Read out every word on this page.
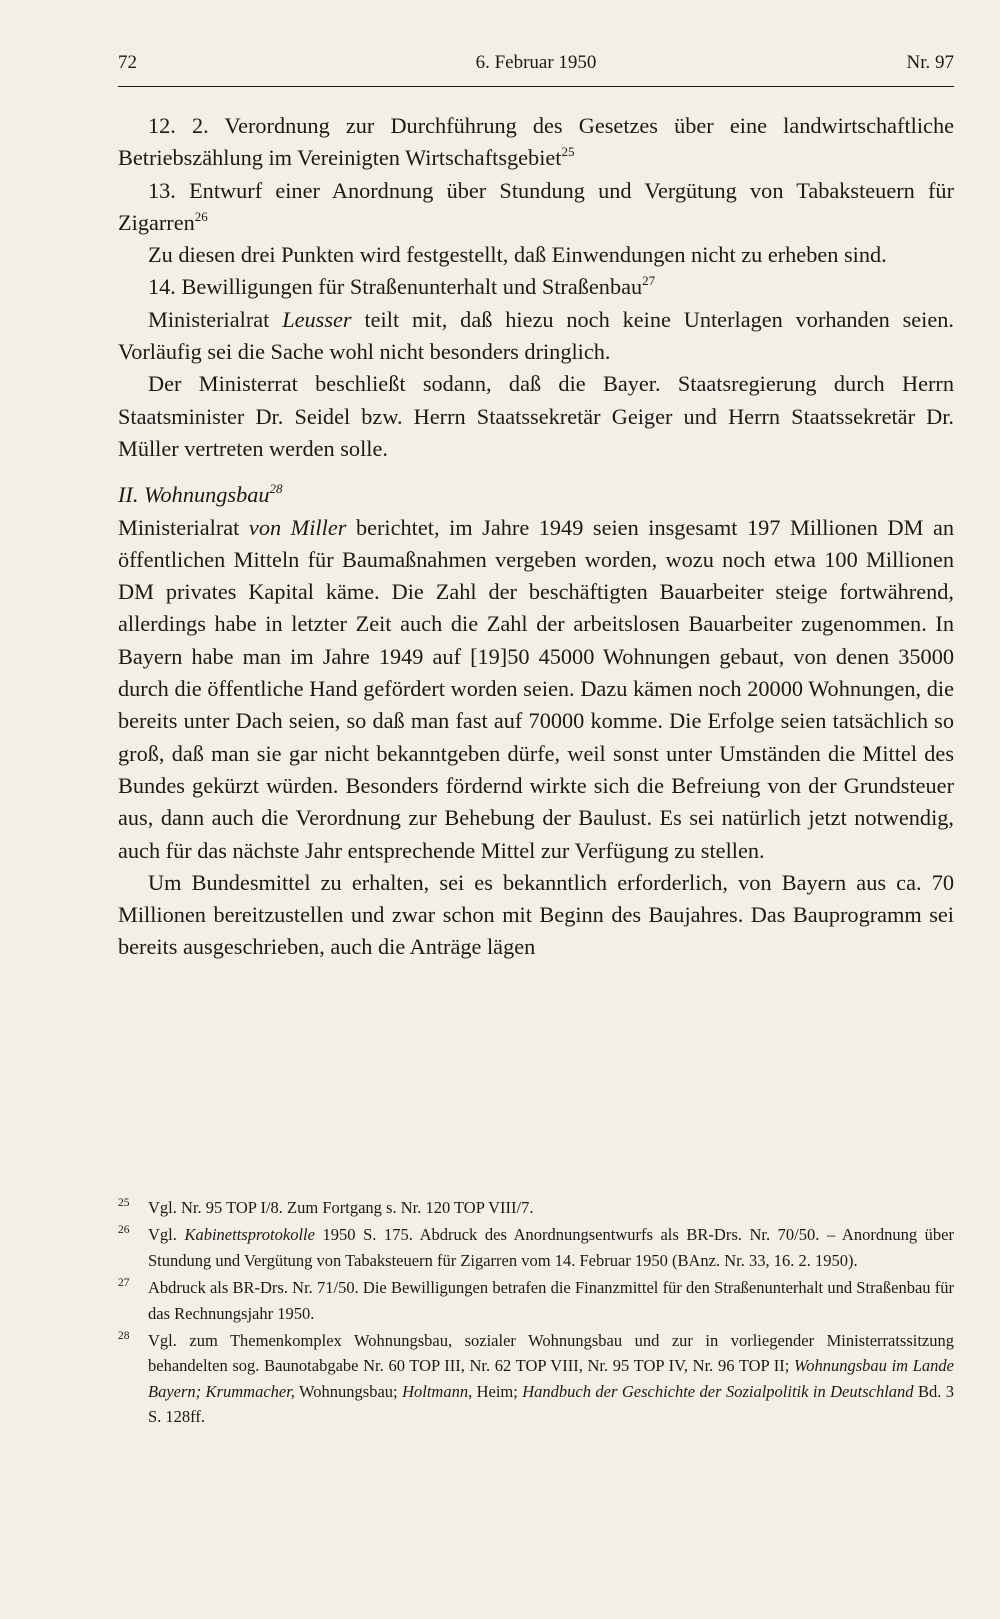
72	6. Februar 1950	Nr. 97

12. 2. Verordnung zur Durchführung des Gesetzes über eine landwirtschaftliche Betriebszählung im Vereinigten Wirtschaftsgebiet$^{25}$

13. Entwurf einer Anordnung über Stundung und Vergütung von Tabaksteuern für Zigarren$^{26}$

Zu diesen drei Punkten wird festgestellt, daß Einwendungen nicht zu erheben sind.

14. Bewilligungen für Straßenunterhalt und Straßenbau$^{27}$

Ministerialrat Leusser teilt mit, daß hiezu noch keine Unterlagen vorhanden seien. Vorläufig sei die Sache wohl nicht besonders dringlich.

Der Ministerrat beschließt sodann, daß die Bayer. Staatsregierung durch Herrn Staatsminister Dr. Seidel bzw. Herrn Staatssekretär Geiger und Herrn Staatssekretär Dr. Müller vertreten werden solle.

II. Wohnungsbau$^{28}$

Ministerialrat von Miller berichtet, im Jahre 1949 seien insgesamt 197 Millionen DM an öffentlichen Mitteln für Baumaßnahmen vergeben worden, wozu noch etwa 100 Millionen DM privates Kapital käme. Die Zahl der beschäftigten Bauarbeiter steige fortwährend, allerdings habe in letzter Zeit auch die Zahl der arbeitslosen Bauarbeiter zugenommen. In Bayern habe man im Jahre 1949 auf [19]50 45000 Wohnungen gebaut, von denen 35000 durch die öffentliche Hand gefördert worden seien. Dazu kämen noch 20000 Wohnungen, die bereits unter Dach seien, so daß man fast auf 70000 komme. Die Erfolge seien tatsächlich so groß, daß man sie gar nicht bekanntgeben dürfe, weil sonst unter Umständen die Mittel des Bundes gekürzt würden. Besonders fördernd wirkte sich die Befreiung von der Grundsteuer aus, dann auch die Verordnung zur Behebung der Baulust. Es sei natürlich jetzt notwendig, auch für das nächste Jahr entsprechende Mittel zur Verfügung zu stellen.

Um Bundesmittel zu erhalten, sei es bekanntlich erforderlich, von Bayern aus ca. 70 Millionen bereitzustellen und zwar schon mit Beginn des Baujahres. Das Bauprogramm sei bereits ausgeschrieben, auch die Anträge lägen

25 Vgl. Nr. 95 TOP I/8. Zum Fortgang s. Nr. 120 TOP VIII/7.

26 Vgl. Kabinettsprotokolle 1950 S. 175. Abdruck des Anordnungsentwurfs als BR-Drs. Nr. 70/50. – Anordnung über Stundung und Vergütung von Tabaksteuern für Zigarren vom 14. Februar 1950 (BAnz. Nr. 33, 16. 2. 1950).

27 Abdruck als BR-Drs. Nr. 71/50. Die Bewilligungen betrafen die Finanzmittel für den Straßenunterhalt und Straßenbau für das Rechnungsjahr 1950.

28 Vgl. zum Themenkomplex Wohnungsbau, sozialer Wohnungsbau und zur in vorliegender Ministerratssitzung behandelten sog. Baunotabgabe Nr. 60 TOP III, Nr. 62 TOP VIII, Nr. 95 TOP IV, Nr. 96 TOP II; Wohnungsbau im Lande Bayern; Krummacher, Wohnungsbau; Holtmann, Heim; Handbuch der Geschichte der Sozialpolitik in Deutschland Bd. 3 S. 128ff.
